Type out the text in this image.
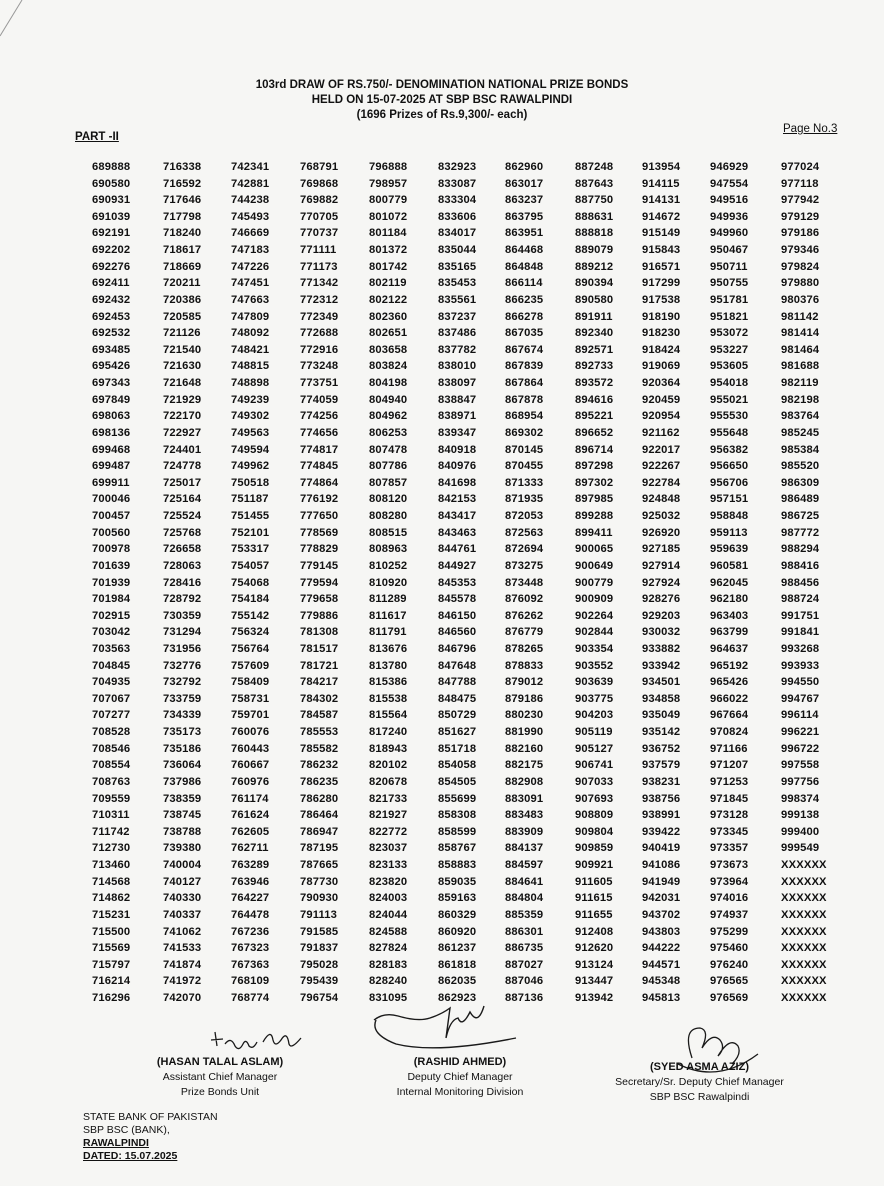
103rd DRAW OF RS.750/- DENOMINATION NATIONAL PRIZE BONDS
HELD ON 15-07-2025 AT SBP BSC RAWALPINDI
(1696 Prizes of Rs.9,300/- each)
PART -II
Page No.3
689888	716338	742341	768791	796888	832923	862960	887248	913954	946929	977024
690580	716592	742881	769868	798957	833087	863017	887643	914115	947554	977118
690931	717646	744238	769882	800779	833304	863237	887750	914131	949516	977942
691039	717798	745493	770705	801072	833606	863795	888631	914672	949936	979129
692191	718240	746669	770737	801184	834017	863951	888818	915149	949960	979186
692202	718617	747183	771111	801372	835044	864468	889079	915843	950467	979346
692276	718669	747226	771173	801742	835165	864848	889212	916571	950711	979824
692411	720211	747451	771342	802119	835453	866114	890394	917299	950755	979880
692432	720386	747663	772312	802122	835561	866235	890580	917538	951781	980376
692453	720585	747809	772349	802360	837237	866278	891911	918190	951821	981142
692532	721126	748092	772688	802651	837486	867035	892340	918230	953072	981414
693485	721540	748421	772916	803658	837782	867674	892571	918424	953227	981464
695426	721630	748815	773248	803824	838010	867839	892733	919069	953605	981688
697343	721648	748898	773751	804198	838097	867864	893572	920364	954018	982119
697849	721929	749239	774059	804940	838847	867878	894616	920459	955021	982198
698063	722170	749302	774256	804962	838971	868954	895221	920954	955530	983764
698136	722927	749563	774656	806253	839347	869302	896652	921162	955648	985245
699468	724401	749594	774817	807478	840918	870145	896714	922017	956382	985384
699487	724778	749962	774845	807786	840976	870455	897298	922267	956650	985520
699911	725017	750518	774864	807857	841698	871333	897302	922784	956706	986309
700046	725164	751187	776192	808120	842153	871935	897985	924848	957151	986489
700457	725524	751455	777650	808280	843417	872053	899288	925032	958848	986725
700560	725768	752101	778569	808515	843463	872563	899411	926920	959113	987772
700978	726658	753317	778829	808963	844761	872694	900065	927185	959639	988294
701639	728063	754057	779145	810252	844927	873275	900649	927914	960581	988416
701939	728416	754068	779594	810920	845353	873448	900779	927924	962045	988456
701984	728792	754184	779658	811289	845578	876092	900909	928276	962180	988724
702915	730359	755142	779886	811617	846150	876262	902264	929203	963403	991751
703042	731294	756324	781308	811791	846560	876779	902844	930032	963799	991841
703563	731956	756764	781517	813676	846796	878265	903354	933882	964637	993268
704845	732776	757609	781721	813780	847648	878833	903552	933942	965192	993933
704935	732792	758409	784217	815386	847788	879012	903639	934501	965426	994550
707067	733759	758731	784302	815538	848475	879186	903775	934858	966022	994767
707277	734339	759701	784587	815564	850729	880230	904203	935049	967664	996114
708528	735173	760076	785553	817240	851627	881990	905119	935142	970824	996221
708546	735186	760443	785582	818943	851718	882160	905127	936752	971166	996722
708554	736064	760667	786232	820102	854058	882175	906741	937579	971207	997558
708763	737986	760976	786235	820678	854505	882908	907033	938231	971253	997756
709559	738359	761174	786280	821733	855699	883091	907693	938756	971845	998374
710311	738745	761624	786464	821927	858308	883483	908809	938991	973128	999138
711742	738788	762605	786947	822772	858599	883909	909804	939422	973345	999400
712730	739380	762711	787195	823037	858767	884137	909859	940419	973357	999549
713460	740004	763289	787665	823133	858883	884597	909921	941086	973673	XXXXXX
714568	740127	763946	787730	823820	859035	884641	911605	941949	973964	XXXXXX
714862	740330	764227	790930	824003	859163	884804	911615	942031	974016	XXXXXX
715231	740337	764478	791113	824044	860329	885359	911655	943702	974937	XXXXXX
715500	741062	767236	791585	824588	860920	886301	912408	943803	975299	XXXXXX
715569	741533	767323	791837	827824	861237	886735	912620	944222	975460	XXXXXX
715797	741874	767363	795028	828183	861818	887027	913124	944571	976240	XXXXXX
716214	741972	768109	795439	828240	862035	887046	913447	945348	976565	XXXXXX
716296	742070	768774	796754	831095	862923	887136	913942	945813	976569	XXXXXX
(HASAN TALAL ASLAM)
Assistant Chief Manager
Prize Bonds Unit
(RASHID AHMED)
Deputy Chief Manager
Internal Monitoring Division
(SYED ASMA AZIZ)
Secretary/Sr. Deputy Chief Manager
SBP BSC Rawalpindi
STATE BANK OF PAKISTAN
SBP BSC (BANK),
RAWALPINDI
DATED: 15.07.2025
